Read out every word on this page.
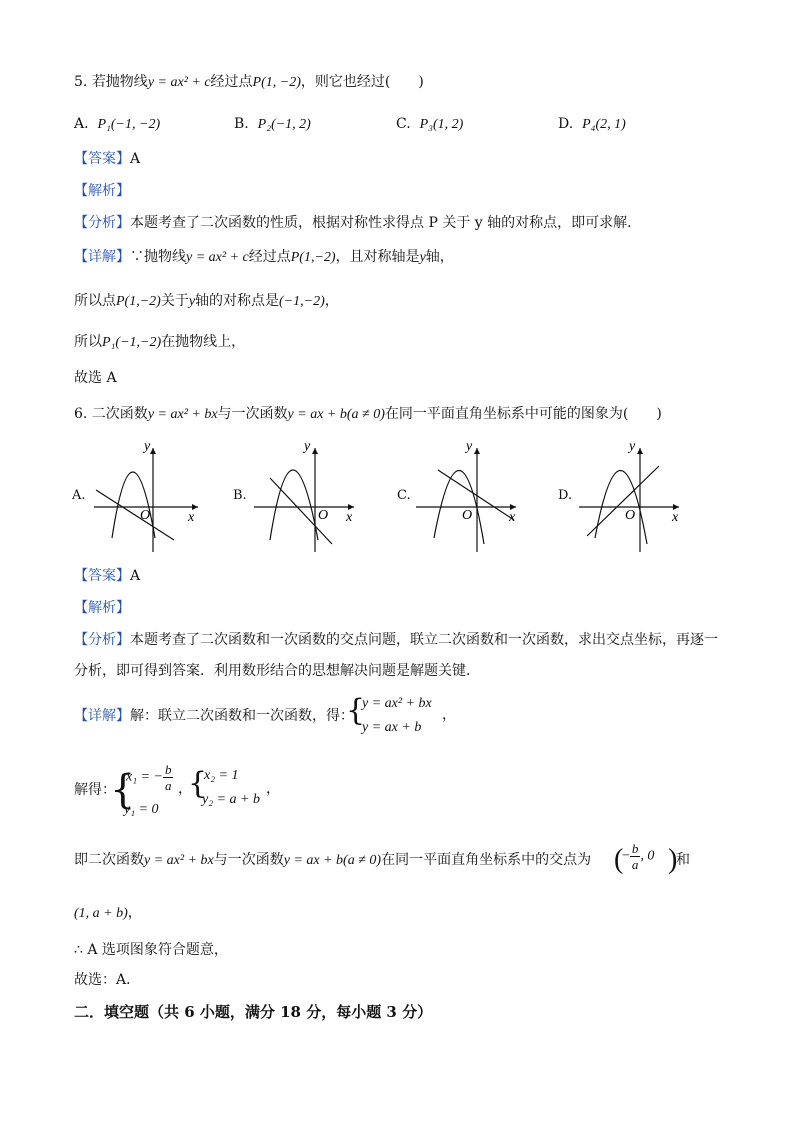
5. 若抛物线y = ax² + c经过点P(1, −2)，则它也经过(　　)
A. P₁(−1, −2)	B. P₂(−1, 2)	C. P₃(1, 2)	D. P₄(2, 1)
【答案】A
【解析】
【分析】本题考查了二次函数的性质，根据对称性求得点 P 关于 y 轴的对称点，即可求解．
【详解】∵抛物线y = ax² + c经过点P(1,−2)，且对称轴是y轴，
所以点P(1,−2)关于y轴的对称点是(−1,−2)，
所以P₁(−1,−2)在抛物线上，
故选 A
6. 二次函数y = ax² + bx与一次函数y = ax + b(a ≠ 0)在同一平面直角坐标系中可能的图象为(　　)
A.
y
x
O
B.
y
x
O
C.
y
x
O
D.
y
x
O
【答案】A
【解析】
【分析】本题考查了二次函数和一次函数的交点问题，联立二次函数和一次函数，求出交点坐标，再逐一
分析，即可得到答案．利用数形结合的思想解决问题是解题关键．
【详解】解：联立二次函数和一次函数，得：
{
y = ax² + bx
y = ax + b
，
解得：
{
x₁ = − $\frac{b}{a}$
y₁ = 0
，
{
x₂ = 1
y₂ = a + b
，
即二次函数y = ax² + bx与一次函数y = ax + b(a ≠ 0)在同一平面直角坐标系中的交点为 (
− $\frac{b}{a}$ , 0 )
和
(1, a + b)，
∴ A 选项图象符合题意，
故选：A．
二．填空题（共 6 小题，满分 18 分，每小题 3 分）
